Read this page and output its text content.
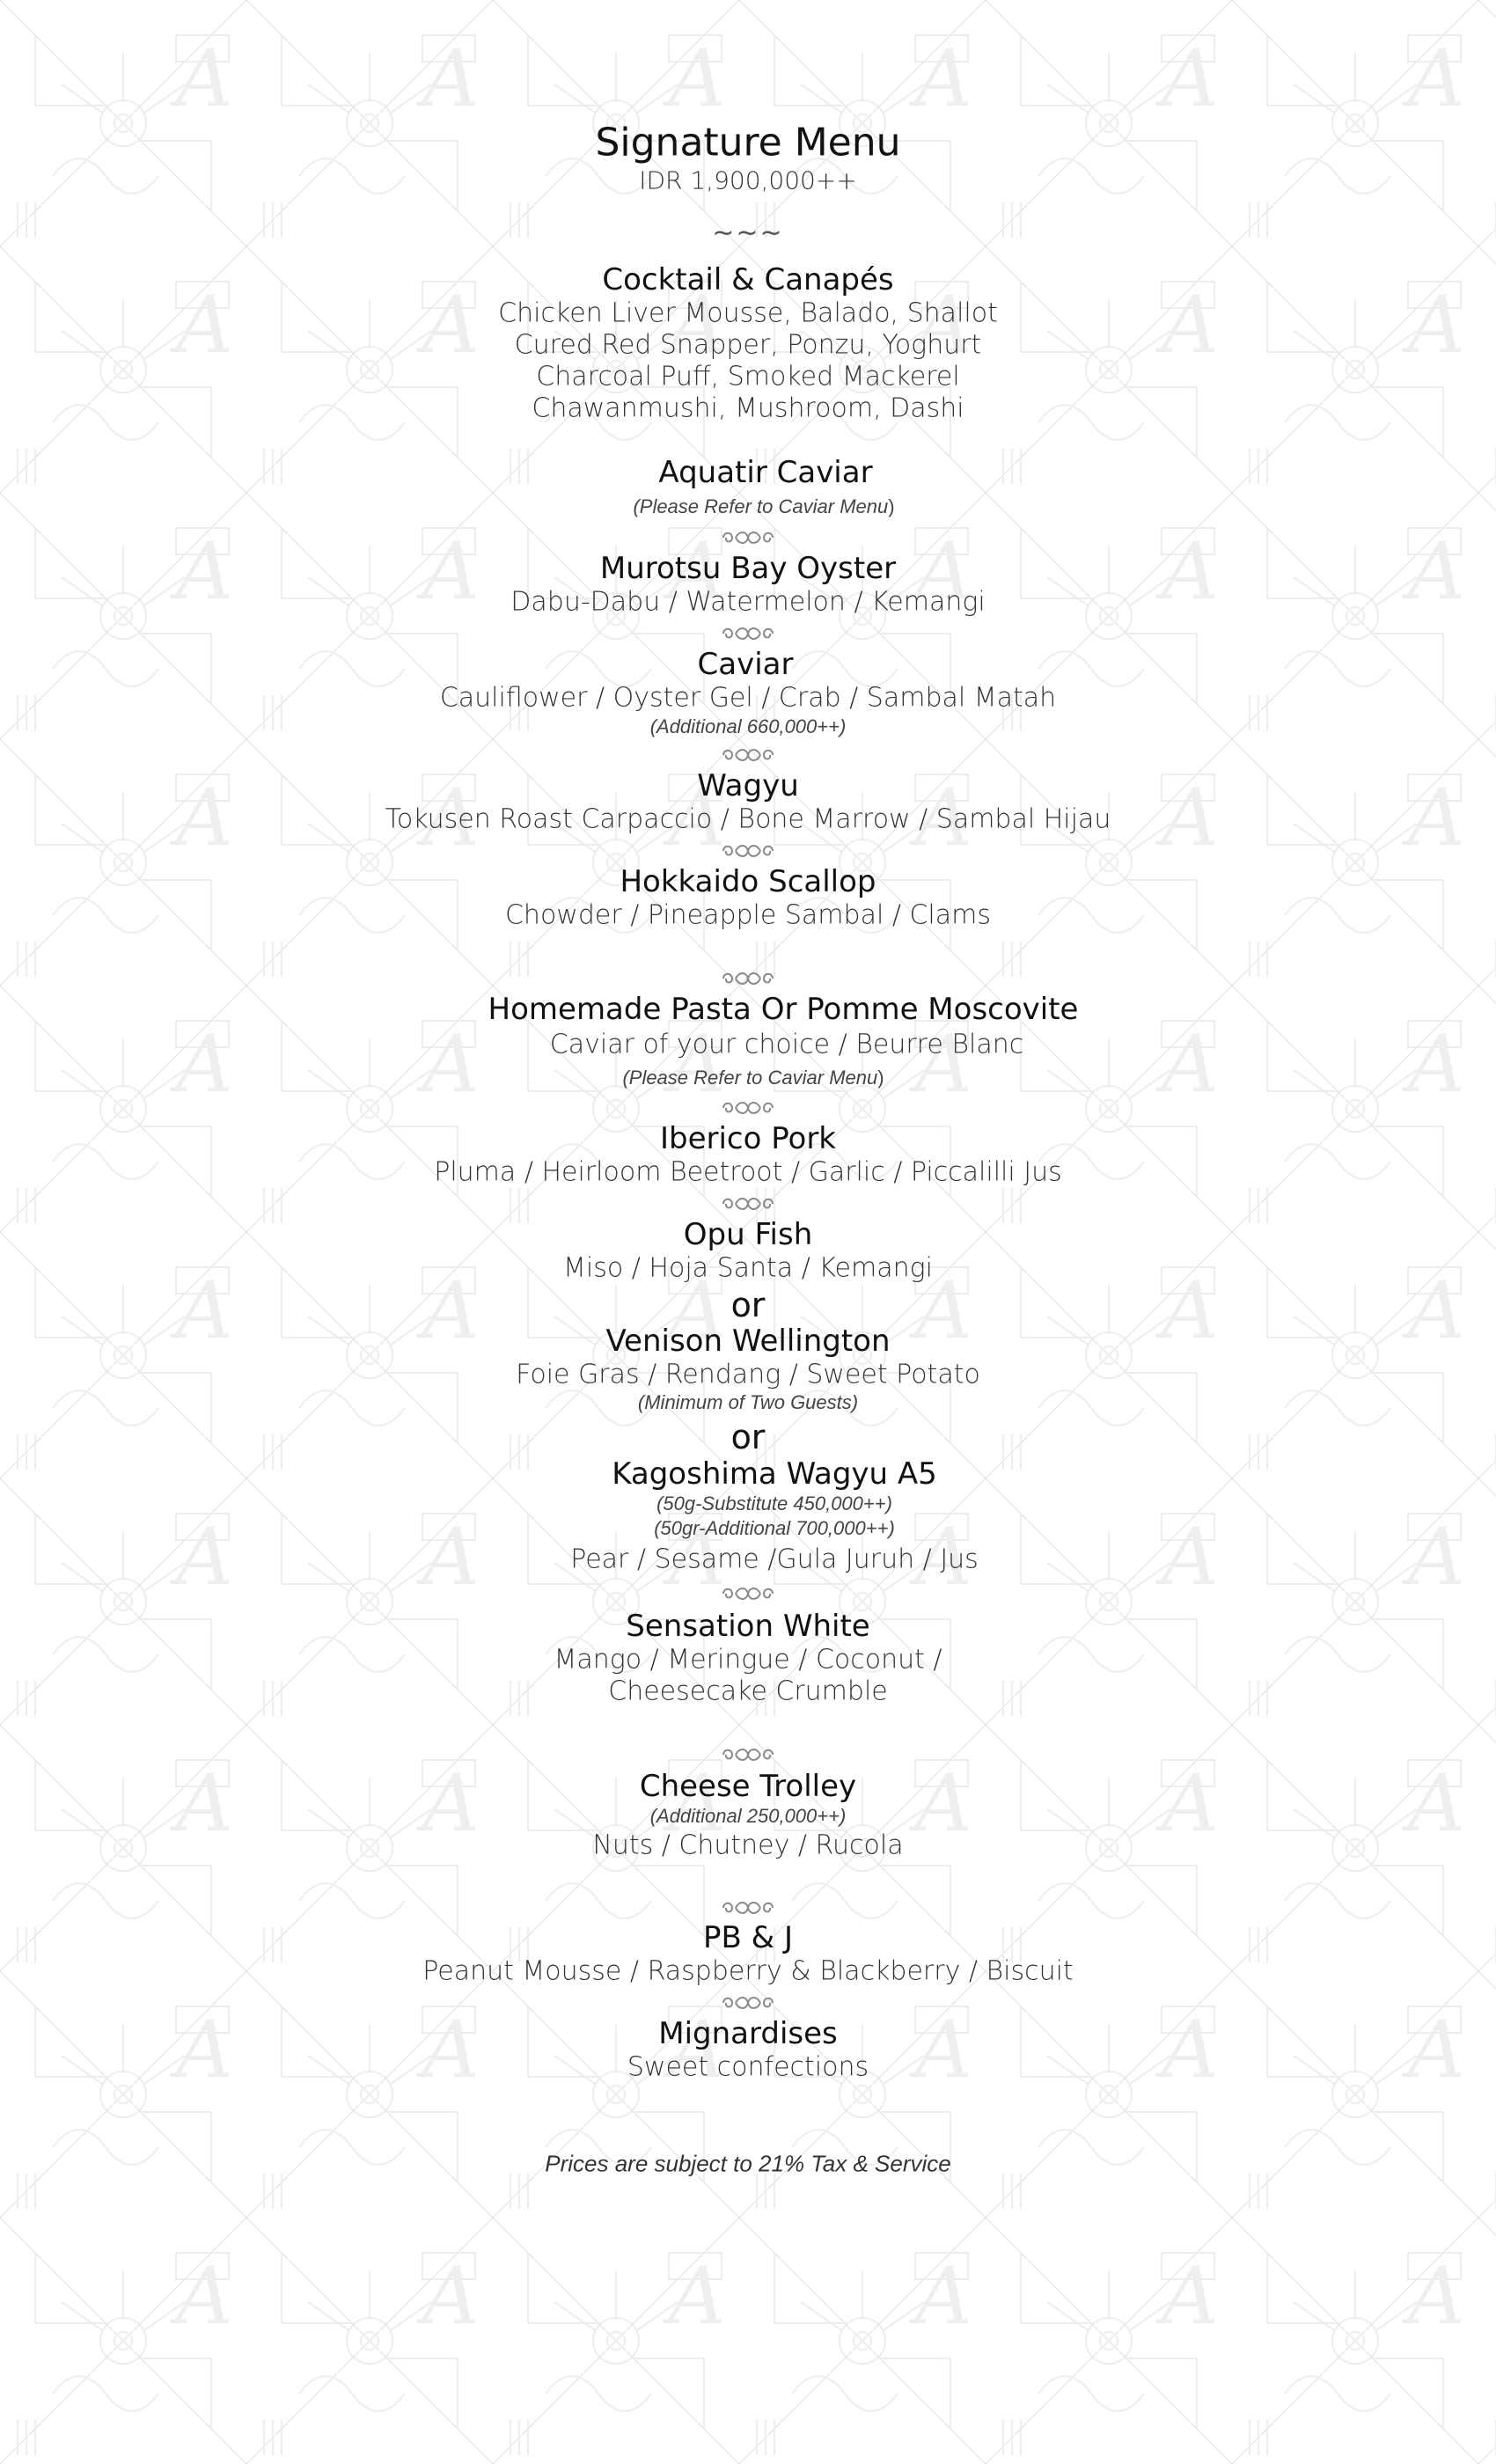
Signature Menu
IDR 1,900,000++
~~~
Cocktail & Canapés
Chicken Liver Mousse, Balado, Shallot
Cured Red Snapper, Ponzu, Yoghurt
Charcoal Puff, Smoked Mackerel
Chawanmushi, Mushroom, Dashi
Aquatir Caviar
(Please Refer to Caviar Menu)
Murotsu Bay Oyster
Dabu-Dabu / Watermelon / Kemangi
Caviar
Cauliflower / Oyster Gel / Crab / Sambal Matah
(Additional 660,000++)
Wagyu
Tokusen Roast Carpaccio / Bone Marrow / Sambal Hijau
Hokkaido Scallop
Chowder / Pineapple Sambal / Clams
Homemade Pasta Or Pomme Moscovite
Caviar of your choice / Beurre Blanc
(Please Refer to Caviar Menu)
Iberico Pork
Pluma / Heirloom Beetroot / Garlic / Piccalilli Jus
Opu Fish
Miso / Hoja Santa / Kemangi
or
Venison Wellington
Foie Gras / Rendang / Sweet Potato
(Minimum of Two Guests)
or
Kagoshima Wagyu A5
(50g-Substitute 450,000++)
(50gr-Additional 700,000++)
Pear / Sesame /Gula Juruh / Jus
Sensation White
Mango / Meringue / Coconut /
Cheesecake Crumble
Cheese Trolley
(Additional 250,000++)
Nuts / Chutney / Rucola
PB & J
Peanut Mousse / Raspberry & Blackberry / Biscuit
Mignardises
Sweet confections
Prices are subject to 21% Tax & Service
